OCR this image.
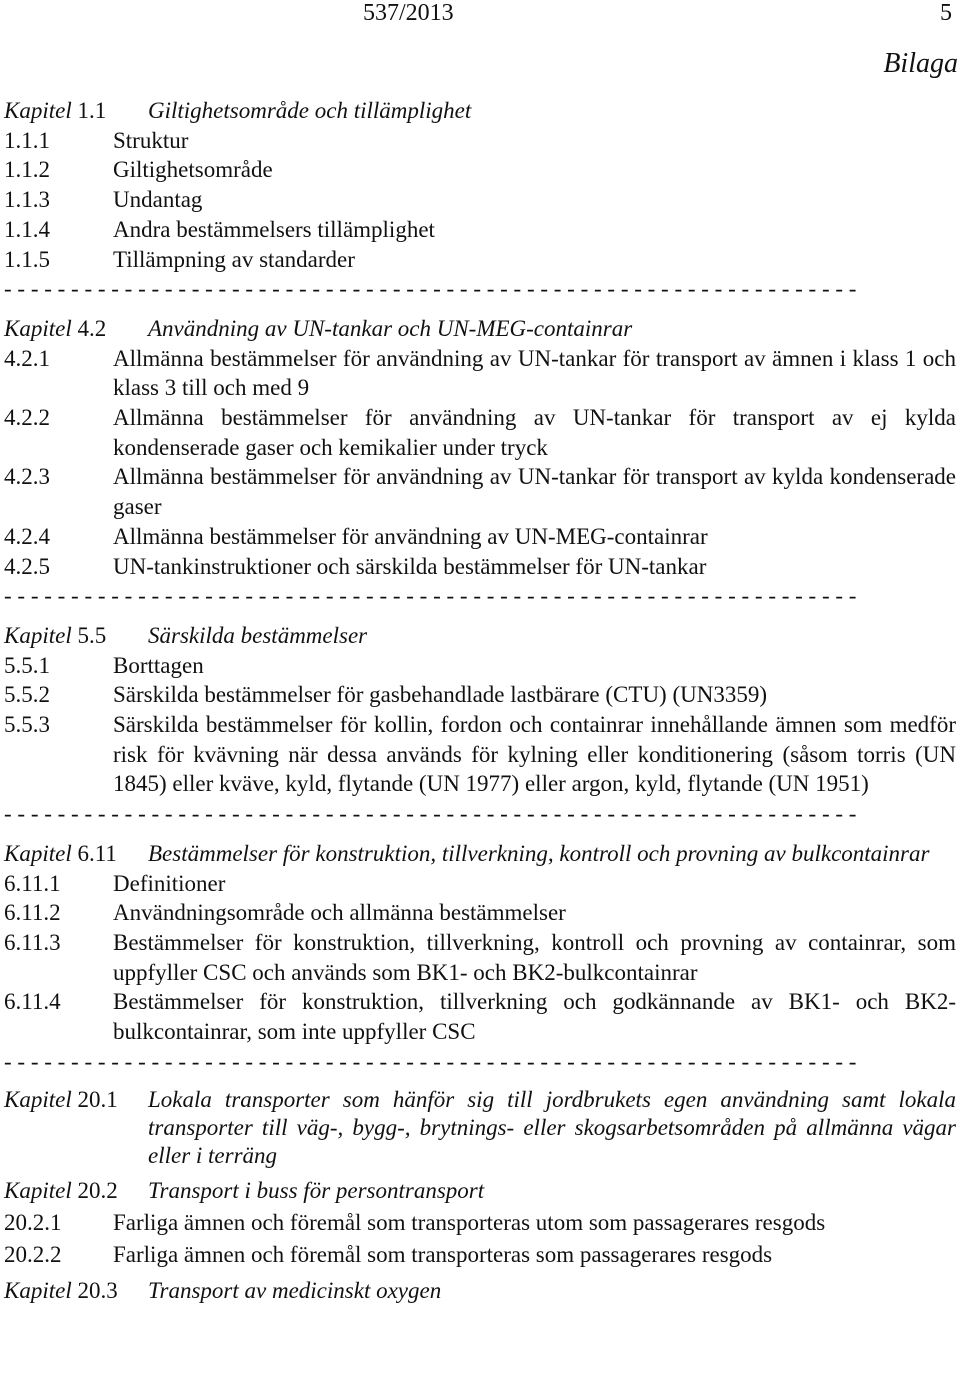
537/2013	5
Bilaga
Kapitel 1.1	Giltighetsområde och tillämplighet
1.1.1	Struktur
1.1.2	Giltighetsområde
1.1.3	Undantag
1.1.4	Andra bestämmelsers tillämplighet
1.1.5	Tillämpning av standarder
- - - - - - - - - - - - - - - - - - - - - - - - - - - - - - - - - - - - - - - - - - - - - - - - - - - - - - - - - - - - - - - -
Kapitel 4.2	Användning av UN-tankar och UN-MEG-containrar
4.2.1	Allmänna bestämmelser för användning av UN-tankar för transport av ämnen i klass 1 och klass 3 till och med 9
4.2.2	Allmänna bestämmelser för användning av UN-tankar för transport av ej kylda kondenserade gaser och kemikalier under tryck
4.2.3	Allmänna bestämmelser för användning av UN-tankar för transport av kylda kondenserade gaser
4.2.4	Allmänna bestämmelser för användning av UN-MEG-containrar
4.2.5	UN-tankinstruktioner och särskilda bestämmelser för UN-tankar
- - - - - - - - - - - - - - - - - - - - - - - - - - - - - - - - - - - - - - - - - - - - - - - - - - - - - - - - - - - - - - - -
Kapitel 5.5	Särskilda bestämmelser
5.5.1	Borttagen
5.5.2	Särskilda bestämmelser för gasbehandlade lastbärare (CTU) (UN3359)
5.5.3	Särskilda bestämmelser för kollin, fordon och containrar innehållande ämnen som medför risk för kvävning när dessa används för kylning eller konditionering (såsom torris (UN 1845) eller kväve, kyld, flytande (UN 1977) eller argon, kyld, flytande (UN 1951)
- - - - - - - - - - - - - - - - - - - - - - - - - - - - - - - - - - - - - - - - - - - - - - - - - - - - - - - - - - - - - - - -
Kapitel 6.11	Bestämmelser för konstruktion, tillverkning, kontroll och provning av bulkcontainrar
6.11.1	Definitioner
6.11.2	Användningsområde och allmänna bestämmelser
6.11.3	Bestämmelser för konstruktion, tillverkning, kontroll och provning av containrar, som uppfyller CSC och används som BK1- och BK2-bulkcontainrar
6.11.4	Bestämmelser för konstruktion, tillverkning och godkännande av BK1- och BK2- bulkcontainrar, som inte uppfyller CSC
- - - - - - - - - - - - - - - - - - - - - - - - - - - - - - - - - - - - - - - - - - - - - - - - - - - - - - - - - - - - - - - -
Kapitel 20.1	Lokala transporter som hänför sig till jordbrukets egen användning samt lokala transporter till väg-, bygg-, brytnings- eller skogsarbetsområden på allmänna vägar eller i terräng
Kapitel 20.2	Transport i buss för persontransport
20.2.1	Farliga ämnen och föremål som transporteras utom som passagerares resgods
20.2.2	Farliga ämnen och föremål som transporteras som passagerares resgods
Kapitel 20.3	Transport av medicinskt oxygen
